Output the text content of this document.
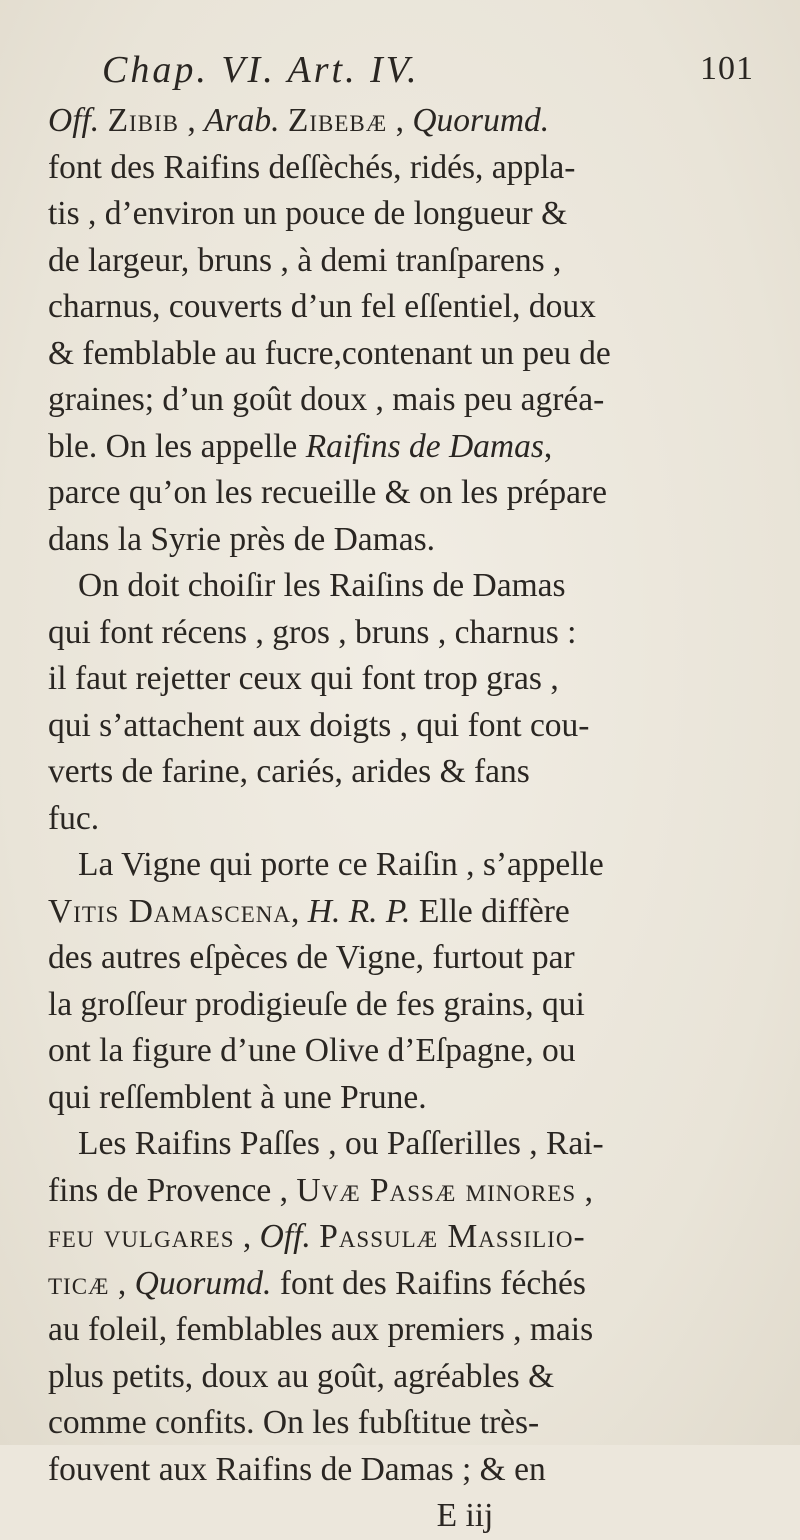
Chap. VI. Art. IV.	101
Off. Zibib , Arab. Zibebæ , Quorumd.
font des Raifins deſſèchés, ridés, appla-
tis , d’environ un pouce de longueur &
de largeur, bruns , à demi tranſparens ,
charnus, couverts d’un fel eſſentiel, doux
& femblable au fucre,contenant un peu de
graines; d’un goût doux , mais peu agréa-
ble. On les appelle Raifins de Damas,
parce qu’on les recueille & on les prépare
dans la Syrie près de Damas.
On doit choiſir les Raiſins de Damas
qui font récens , gros , bruns , charnus :
il faut rejetter ceux qui font trop gras ,
qui s’attachent aux doigts , qui font cou-
verts de farine, cariés, arides & fans
fuc.
La Vigne qui porte ce Raiſin , s’appelle
Vitis Damascena, H. R. P. Elle diffère
des autres eſpèces de Vigne, furtout par
la groſſeur prodigieuſe de fes grains, qui
ont la figure d’une Olive d’Eſpagne, ou
qui reſſemblent à une Prune.
Les Raifins Paſſes , ou Paſſerilles , Rai-
fins de Provence , Uvæ Passæ minores ,
feu vulgares , Off. Passulæ Massilio-
ticæ , Quorumd. font des Raifins féchés
au foleil, femblables aux premiers , mais
plus petits, doux au goût, agréables &
comme confits. On les fubſtitue très-
fouvent aux Raifins de Damas ; & en
E iij
